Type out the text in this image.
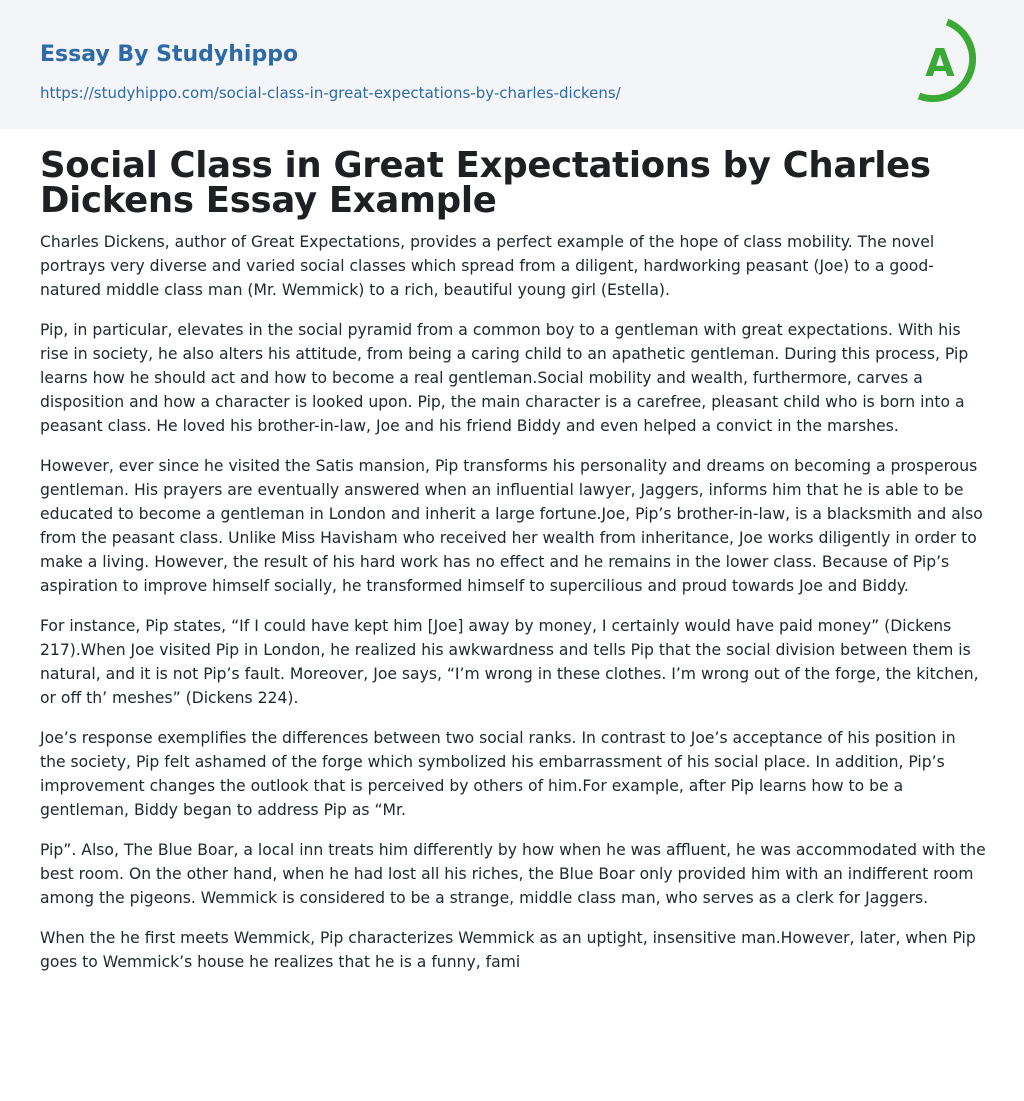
Essay By Studyhippo
https://studyhippo.com/social-class-in-great-expectations-by-charles-dickens/
A
Social Class in Great Expectations by Charles Dickens Essay Example

Charles Dickens, author of Great Expectations, provides a perfect example of the hope of class mobility. The novel portrays very diverse and varied social classes which spread from a diligent, hardworking peasant (Joe) to a good-natured middle class man (Mr. Wemmick) to a rich, beautiful young girl (Estella).

Pip, in particular, elevates in the social pyramid from a common boy to a gentleman with great expectations. With his rise in society, he also alters his attitude, from being a caring child to an apathetic gentleman. During this process, Pip learns how he should act and how to become a real gentleman.Social mobility and wealth, furthermore, carves a disposition and how a character is looked upon. Pip, the main character is a carefree, pleasant child who is born into a peasant class. He loved his brother-in-law, Joe and his friend Biddy and even helped a convict in the marshes.

However, ever since he visited the Satis mansion, Pip transforms his personality and dreams on becoming a prosperous gentleman. His prayers are eventually answered when an influential lawyer, Jaggers, informs him that he is able to be educated to become a gentleman in London and inherit a large fortune.Joe, Pip’s brother-in-law, is a blacksmith and also from the peasant class. Unlike Miss Havisham who received her wealth from inheritance, Joe works diligently in order to make a living. However, the result of his hard work has no effect and he remains in the lower class. Because of Pip’s aspiration to improve himself socially, he transformed himself to supercilious and proud towards Joe and Biddy.

For instance, Pip states, “If I could have kept him [Joe] away by money, I certainly would have paid money” (Dickens 217).When Joe visited Pip in London, he realized his awkwardness and tells Pip that the social division between them is natural, and it is not Pip’s fault. Moreover, Joe says, “I’m wrong in these clothes. I’m wrong out of the forge, the kitchen, or off th’ meshes” (Dickens 224).

Joe’s response exemplifies the differences between two social ranks. In contrast to Joe’s acceptance of his position in the society, Pip felt ashamed of the forge which symbolized his embarrassment of his social place. In addition, Pip’s improvement changes the outlook that is perceived by others of him.For example, after Pip learns how to be a gentleman, Biddy began to address Pip as “Mr.

Pip”. Also, The Blue Boar, a local inn treats him differently by how when he was affluent, he was accommodated with the best room. On the other hand, when he had lost all his riches, the Blue Boar only provided him with an indifferent room among the pigeons. Wemmick is considered to be a strange, middle class man, who serves as a clerk for Jaggers.

When the he first meets Wemmick, Pip characterizes Wemmick as an uptight, insensitive man.However, later, when Pip goes to Wemmick’s house he realizes that he is a funny, fami
